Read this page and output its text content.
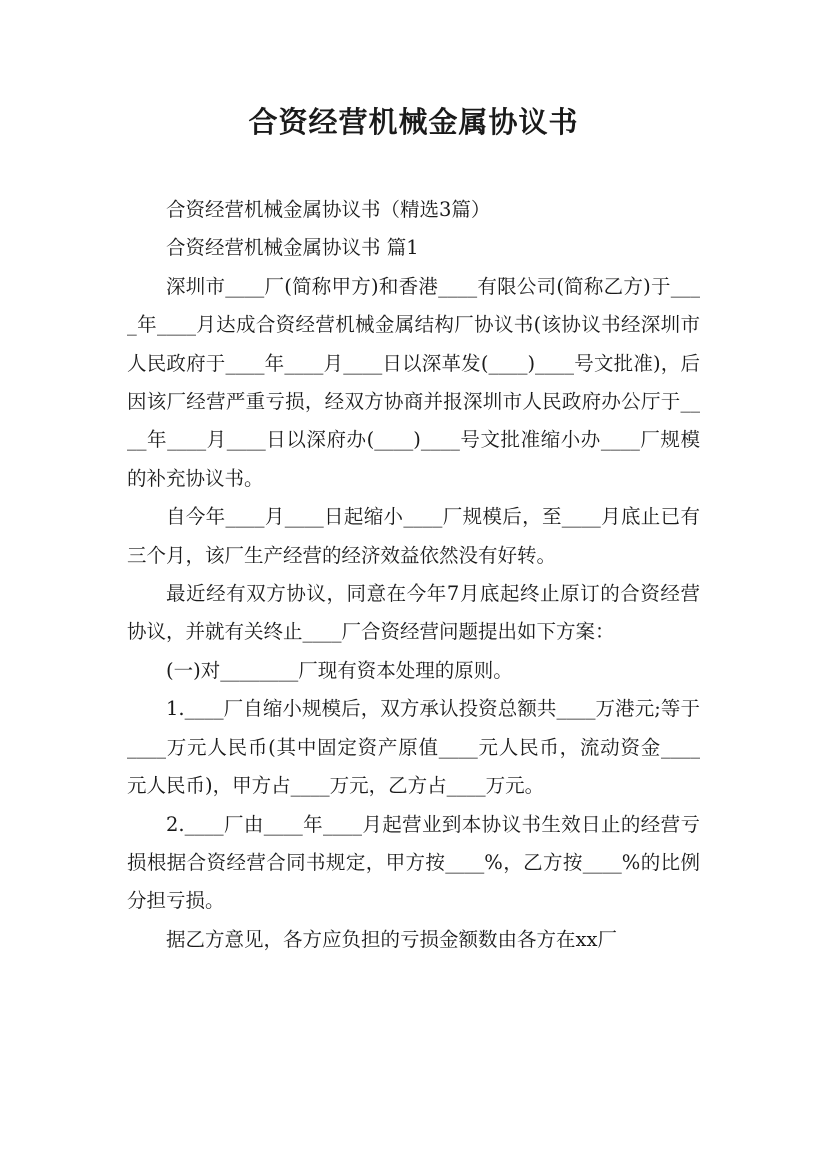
合资经营机械金属协议书

合资经营机械金属协议书（精选3篇）

合资经营机械金属协议书 篇1

深圳市____厂(简称甲方)和香港____有限公司(简称乙方)于____年____月达成合资经营机械金属结构厂协议书(该协议书经深圳市人民政府于____年____月____日以深革发(____)____号文批准)，后因该厂经营严重亏损，经双方协商并报深圳市人民政府办公厅于____年____月____日以深府办(____)____号文批准缩小办____厂规模的补充协议书。

自今年____月____日起缩小____厂规模后，至____月底止已有三个月，该厂生产经营的经济效益依然没有好转。

最近经有双方协议，同意在今年7月底起终止原订的合资经营协议，并就有关终止____厂合资经营问题提出如下方案：

(一)对________厂现有资本处理的原则。

1.____厂自缩小规模后，双方承认投资总额共____万港元;等于____万元人民币(其中固定资产原值____元人民币，流动资金____元人民币)，甲方占____万元，乙方占____万元。

2.____厂由____年____月起营业到本协议书生效日止的经营亏损根据合资经营合同书规定，甲方按____%，乙方按____%的比例分担亏损。

据乙方意见，各方应负担的亏损金额数由各方在xx厂
